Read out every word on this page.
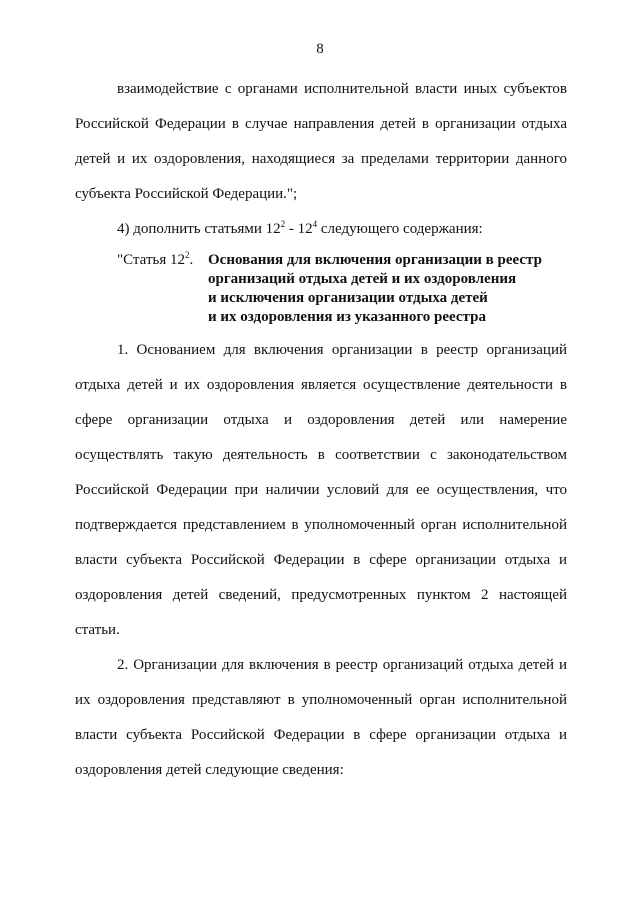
8
взаимодействие с органами исполнительной власти иных субъектов
Российской Федерации в случае направления детей в организации отдыха
детей и их оздоровления, находящиеся за пределами территории данного
субъекта Российской Федерации.";
4) дополнить статьями $12^2 - 12^4$ следующего содержания:
"Статья $12^2$. Основания для включения организации в реестр
организаций отдыха детей и их оздоровления
и исключения организации отдыха детей
и их оздоровления из указанного реестра
1. Основанием для включения организации в реестр организаций
отдыха детей и их оздоровления является осуществление деятельности в
сфере организации отдыха и оздоровления детей или намерение
осуществлять такую деятельность в соответствии с законодательством
Российской Федерации при наличии условий для ее осуществления, что
подтверждается представлением в уполномоченный орган исполнительной
власти субъекта Российской Федерации в сфере организации отдыха и
оздоровления детей сведений, предусмотренных пунктом 2 настоящей
статьи.
2. Организации для включения в реестр организаций отдыха детей и
их оздоровления представляют в уполномоченный орган исполнительной
власти субъекта Российской Федерации в сфере организации отдыха и
оздоровления детей следующие сведения:
